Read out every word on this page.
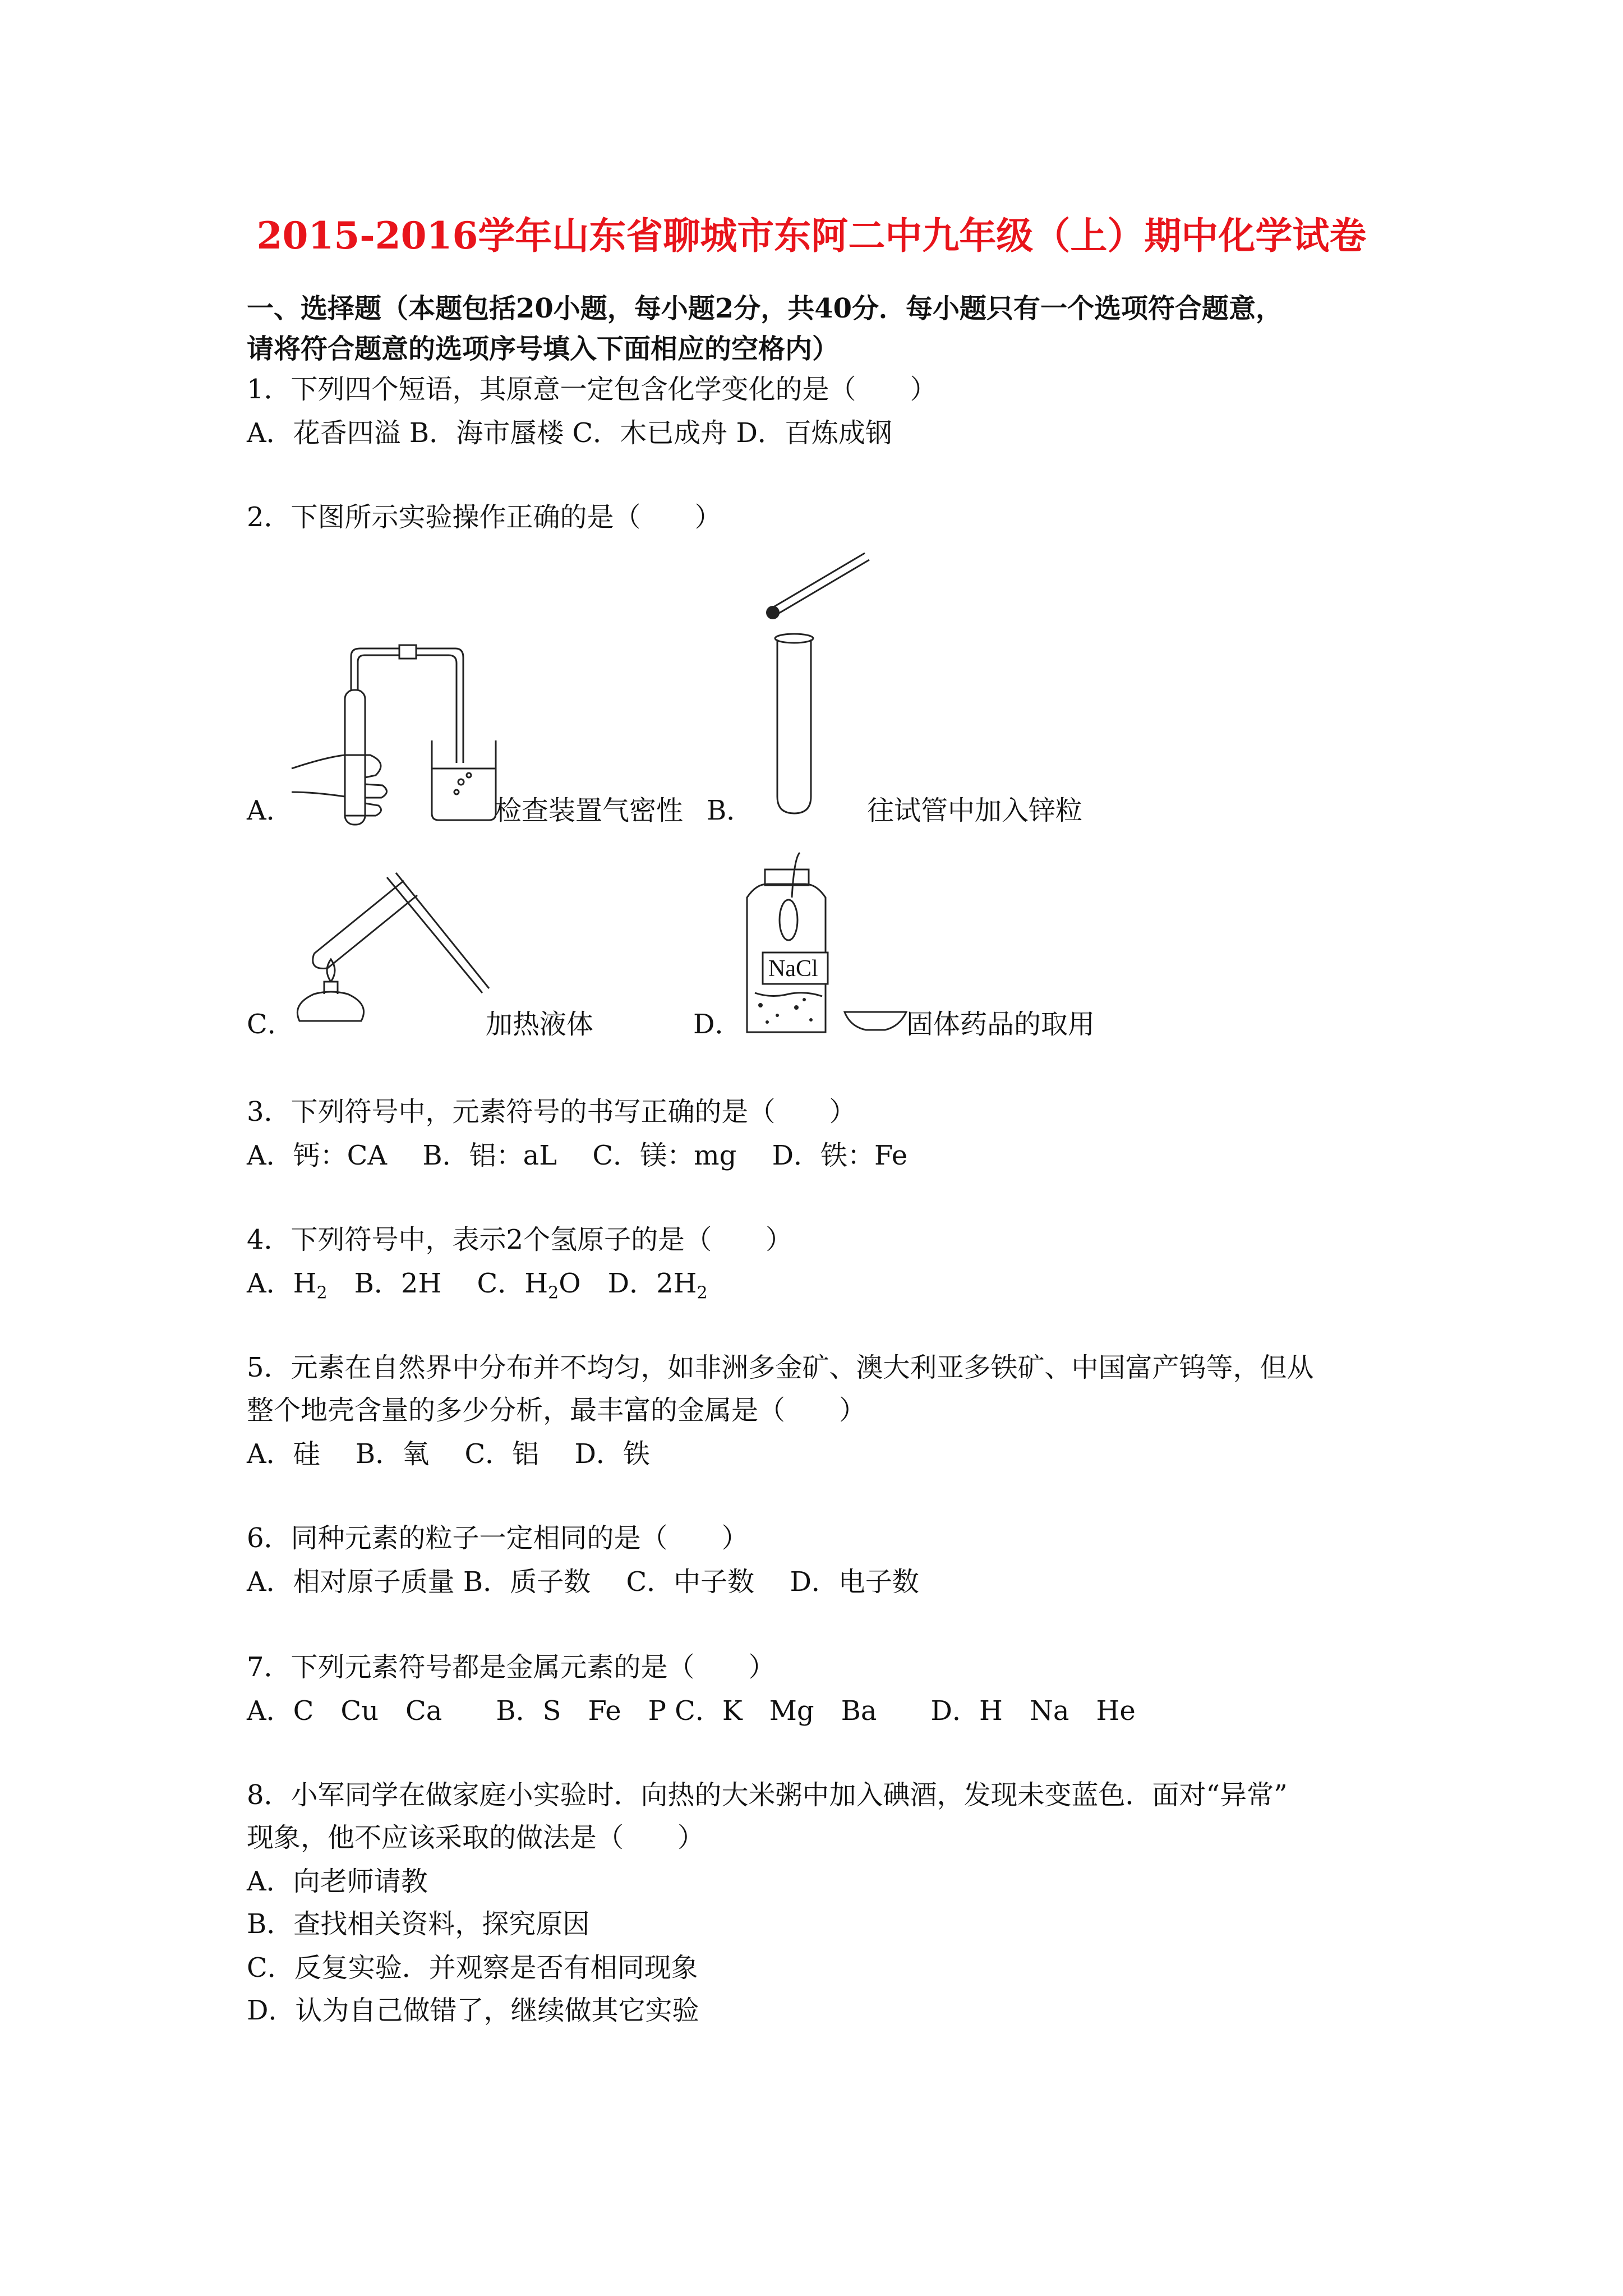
2015-2016学年山东省聊城市东阿二中九年级（上）期中化学试卷
一、选择题（本题包括20小题，每小题2分，共40分．每小题只有一个选项符合题意，
请将符合题意的选项序号填入下面相应的空格内）
1．下列四个短语，其原意一定包含化学变化的是（　　）
A．花香四溢 B．海市蜃楼 C．木已成舟 D．百炼成钢
2．下图所示实验操作正确的是（　　）
A．	检查装置气密性 B．	往试管中加入锌粒
C．	加热液体
NaCl
D．	固体药品的取用
3．下列符号中，元素符号的书写正确的是（　　）
A．钙：CA　 B．铝：aL　 C．镁：mg　 D．铁：Fe
4．下列符号中，表示2个氢原子的是（　　）
A．$H_2$　B．2H　 C．$H_2O$　D．$2H_2$
5．元素在自然界中分布并不均匀，如非洲多金矿、澳大利亚多铁矿、中国富产钨等，但从
整个地壳含量的多少分析，最丰富的金属是（　　）
A．硅　 B．氧　 C．铝　 D．铁
6．同种元素的粒子一定相同的是（　　）
A．相对原子质量 B．质子数　 C．中子数　 D．电子数
7．下列元素符号都是金属元素的是（　　）
A．C　Cu　Ca　　B．S　Fe　P C．K　Mg　Ba　　D．H　Na　He
8．小军同学在做家庭小实验时．向热的大米粥中加入碘酒，发现未变蓝色．面对“异常”
现象，他不应该采取的做法是（　　）
A．向老师请教
B．查找相关资料，探究原因
C．反复实验．并观察是否有相同现象
D．认为自己做错了，继续做其它实验
